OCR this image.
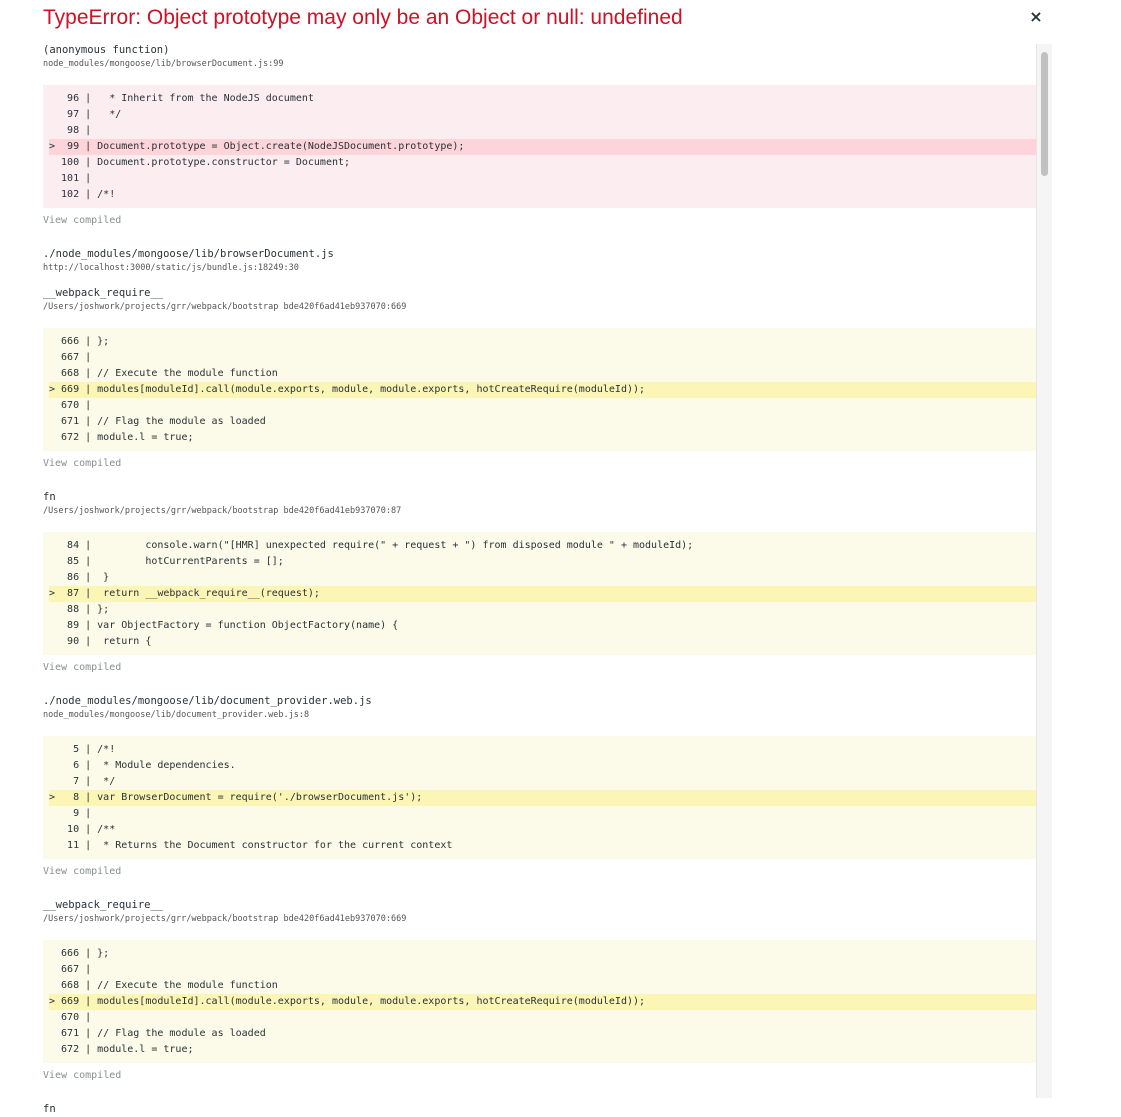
TypeError: Object prototype may only be an Object or null: undefined	×
(anonymous function)
node_modules/mongoose/lib/browserDocument.js:99
96 |   * Inherit from the NodeJS document
97 |   */
98 |
>  99 | Document.prototype = Object.create(NodeJSDocument.prototype);
100 | Document.prototype.constructor = Document;
101 |
102 | /*!
View compiled
./node_modules/mongoose/lib/browserDocument.js
http://localhost:3000/static/js/bundle.js:18249:30
__webpack_require__
/Users/joshwork/projects/grr/webpack/bootstrap bde420f6ad41eb937070:669
666 | };
667 |
668 | // Execute the module function
> 669 | modules[moduleId].call(module.exports, module, module.exports, hotCreateRequire(moduleId));
670 |
671 | // Flag the module as loaded
672 | module.l = true;
View compiled
fn
/Users/joshwork/projects/grr/webpack/bootstrap bde420f6ad41eb937070:87
84 |         console.warn("[HMR] unexpected require(" + request + ") from disposed module " + moduleId);
85 |         hotCurrentParents = [];
86 |  }
>  87 |  return __webpack_require__(request);
88 | };
89 | var ObjectFactory = function ObjectFactory(name) {
90 |  return {
View compiled
./node_modules/mongoose/lib/document_provider.web.js
node_modules/mongoose/lib/document_provider.web.js:8
5 | /*!
6 |  * Module dependencies.
7 |  */
>   8 | var BrowserDocument = require('./browserDocument.js');
9 |
10 | /**
11 |  * Returns the Document constructor for the current context
View compiled
__webpack_require__
/Users/joshwork/projects/grr/webpack/bootstrap bde420f6ad41eb937070:669
666 | };
667 |
668 | // Execute the module function
> 669 | modules[moduleId].call(module.exports, module, module.exports, hotCreateRequire(moduleId));
670 |
671 | // Flag the module as loaded
672 | module.l = true;
View compiled
fn
